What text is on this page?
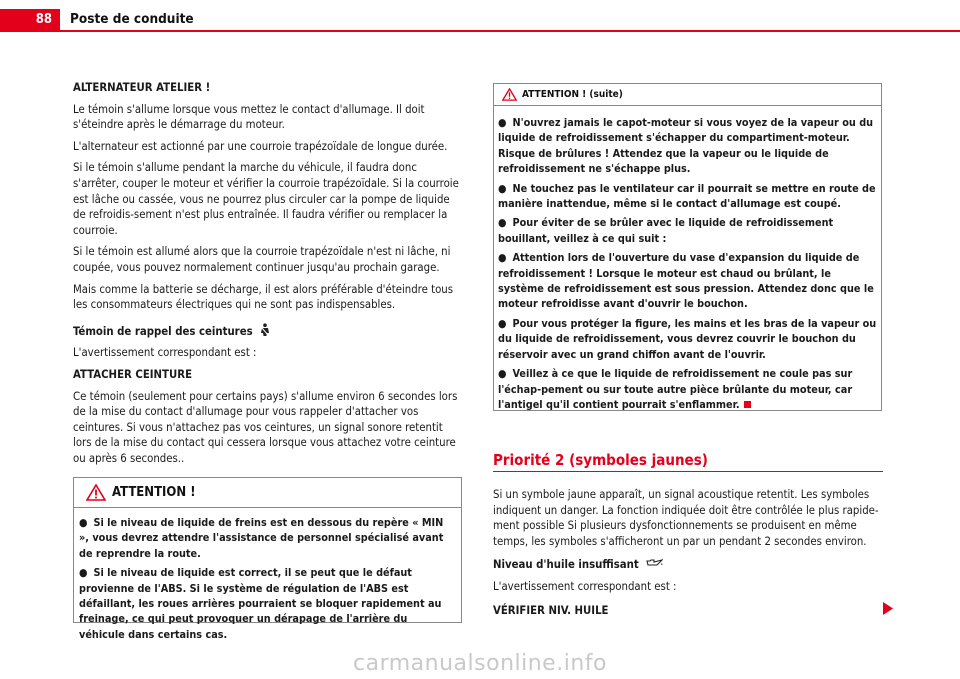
88	Poste de conduite

ALTERNATEUR ATELIER !

Le témoin s'allume lorsque vous mettez le contact d'allumage. Il doit s'éteindre après le démarrage du moteur.

L'alternateur est actionné par une courroie trapézoïdale de longue durée.

Si le témoin s'allume pendant la marche du véhicule, il faudra donc s'arrêter, couper le moteur et vérifier la courroie trapézoïdale. Si la courroie est lâche ou cassée, vous ne pourrez plus circuler car la pompe de liquide de refroidis-sement n'est plus entraînée. Il faudra vérifier ou remplacer la courroie.

Si le témoin est allumé alors que la courroie trapézoïdale n'est ni lâche, ni coupée, vous pouvez normalement continuer jusqu'au prochain garage.

Mais comme la batterie se décharge, il est alors préférable d'éteindre tous les consommateurs électriques qui ne sont pas indispensables.

Témoin de rappel des ceintures

L'avertissement correspondant est :

ATTACHER CEINTURE

Ce témoin (seulement pour certains pays) s'allume environ 6 secondes lors de la mise du contact d'allumage pour vous rappeler d'attacher vos ceintures. Si vous n'attachez pas vos ceintures, un signal sonore retentit lors de la mise du contact qui cessera lorsque vous attachez votre ceinture ou après 6 secondes..

ATTENTION !

● Si le niveau de liquide de freins est en dessous du repère « MIN », vous devrez attendre l'assistance de personnel spécialisé avant de reprendre la route.

● Si le niveau de liquide est correct, il se peut que le défaut provienne de l'ABS. Si le système de régulation de l'ABS est défaillant, les roues arrières pourraient se bloquer rapidement au freinage, ce qui peut provoquer un dérapage de l'arrière du véhicule dans certains cas.

ATTENTION ! (suite)

● N'ouvrez jamais le capot-moteur si vous voyez de la vapeur ou du liquide de refroidissement s'échapper du compartiment-moteur. Risque de brûlures ! Attendez que la vapeur ou le liquide de refroidissement ne s'échappe plus.

● Ne touchez pas le ventilateur car il pourrait se mettre en route de manière inattendue, même si le contact d'allumage est coupé.

● Pour éviter de se brûler avec le liquide de refroidissement bouillant, veillez à ce qui suit :

● Attention lors de l'ouverture du vase d'expansion du liquide de refroidissement ! Lorsque le moteur est chaud ou brûlant, le système de refroidissement est sous pression. Attendez donc que le moteur refroidisse avant d'ouvrir le bouchon.

● Pour vous protéger la figure, les mains et les bras de la vapeur ou du liquide de refroidissement, vous devrez couvrir le bouchon du réservoir avec un grand chiffon avant de l'ouvrir.

● Veillez à ce que le liquide de refroidissement ne coule pas sur l'échap-pement ou sur toute autre pièce brûlante du moteur, car l'antigel qu'il contient pourrait s'enflammer.

Priorité 2 (symboles jaunes)

Si un symbole jaune apparaît, un signal acoustique retentit. Les symboles indiquent un danger. La fonction indiquée doit être contrôlée le plus rapide-ment possible Si plusieurs dysfonctionnements se produisent en même temps, les symboles s'afficheront un par un pendant 2 secondes environ.

Niveau d'huile insuffisant

L'avertissement correspondant est :

VÉRIFIER NIV. HUILE

carmanualsonline.info
